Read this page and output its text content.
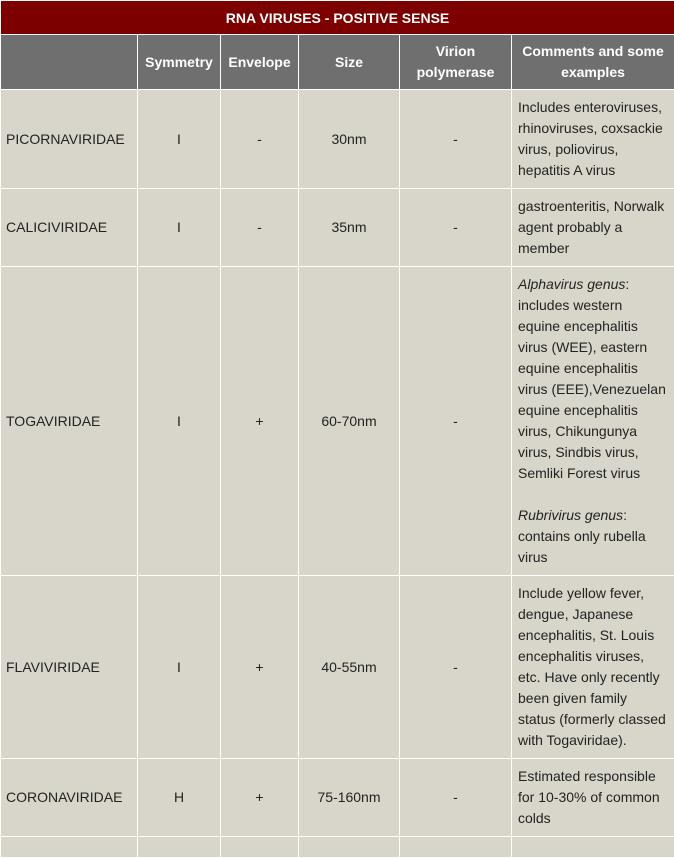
RNA VIRUSES - POSITIVE SENSE					
	Symmetry	Envelope	Size	Virion polymerase	Comments and some examples
PICORNAVIRIDAE	I	-	30nm	-	Includes enteroviruses, rhinoviruses, coxsackie virus, poliovirus, hepatitis A virus
CALICIVIRIDAE	I	-	35nm	-	gastroenteritis, Norwalk agent probably a member
TOGAVIRIDAE	I	+	60-70nm	-	Alphavirus genus: includes western equine encephalitis virus (WEE), eastern equine encephalitis virus (EEE),Venezuelan equine encephalitis virus, Chikungunya virus, Sindbis virus, Semliki Forest virus
Rubrivirus genus: contains only rubella virus
FLAVIVIRIDAE	I	+	40-55nm	-	Include yellow fever, dengue, Japanese encephalitis, St. Louis encephalitis viruses, etc. Have only recently been given family status (formerly classed with Togaviridae).
CORONAVIRIDAE	H	+	75-160nm	-	Estimated responsible for 10-30% of common colds
